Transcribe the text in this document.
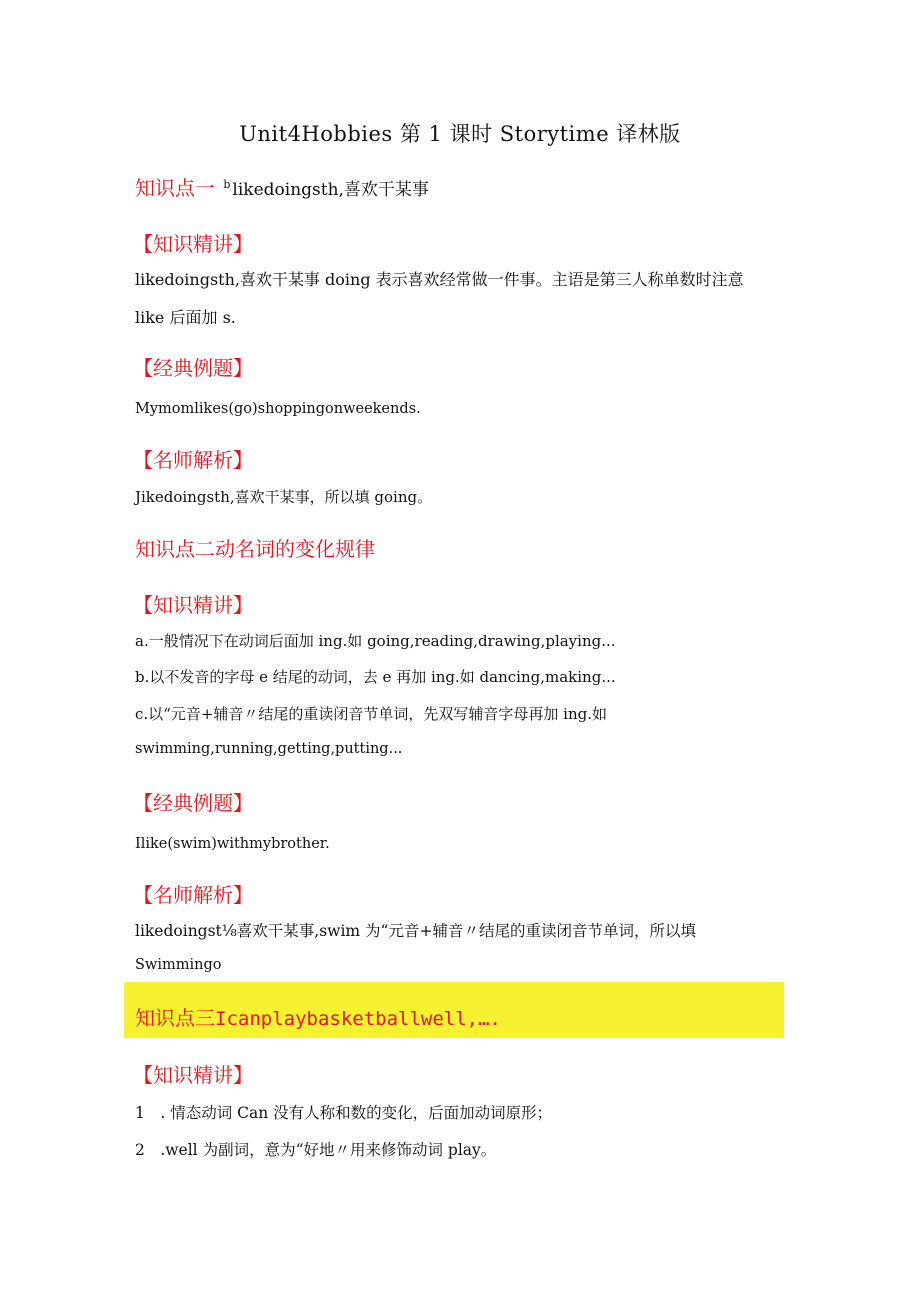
Unit4Hobbies 第 1 课时 Storytime 译林版
知识点一 $^b$ likedoingsth,喜欢干某事
【知识精讲】
likedoingsth,喜欢干某事 doing 表示喜欢经常做一件事。主语是第三人称单数时注意
like 后面加 s.
【经典例题】
Mymomlikes(go)shoppingonweekends.
【名师解析】
Jikedoingsth,喜欢干某事，所以填 going。
知识点二动名词的变化规律
【知识精讲】
a.一般情况下在动词后面加 ing.如 going,reading,drawing,playing...
b.以不发音的字母 e 结尾的动词，去 e 再加 ing.如 dancing,making...
c.以“元音+辅音〃结尾的重读闭音节单词，先双写辅音字母再加 ing.如
swimming,running,getting,putting...
【经典例题】
Ilike(swim)withmybrother.
【名师解析】
likedoingst⅛喜欢干某事,swim 为“元音+辅音〃结尾的重读闭音节单词，所以填
Swimmingo
知识点三Icanplaybasketballwell,….
【知识精讲】
1　. 情态动词 Can 没有人称和数的变化，后面加动词原形；
2　.well 为副词，意为“好地〃用来修饰动词 play。
